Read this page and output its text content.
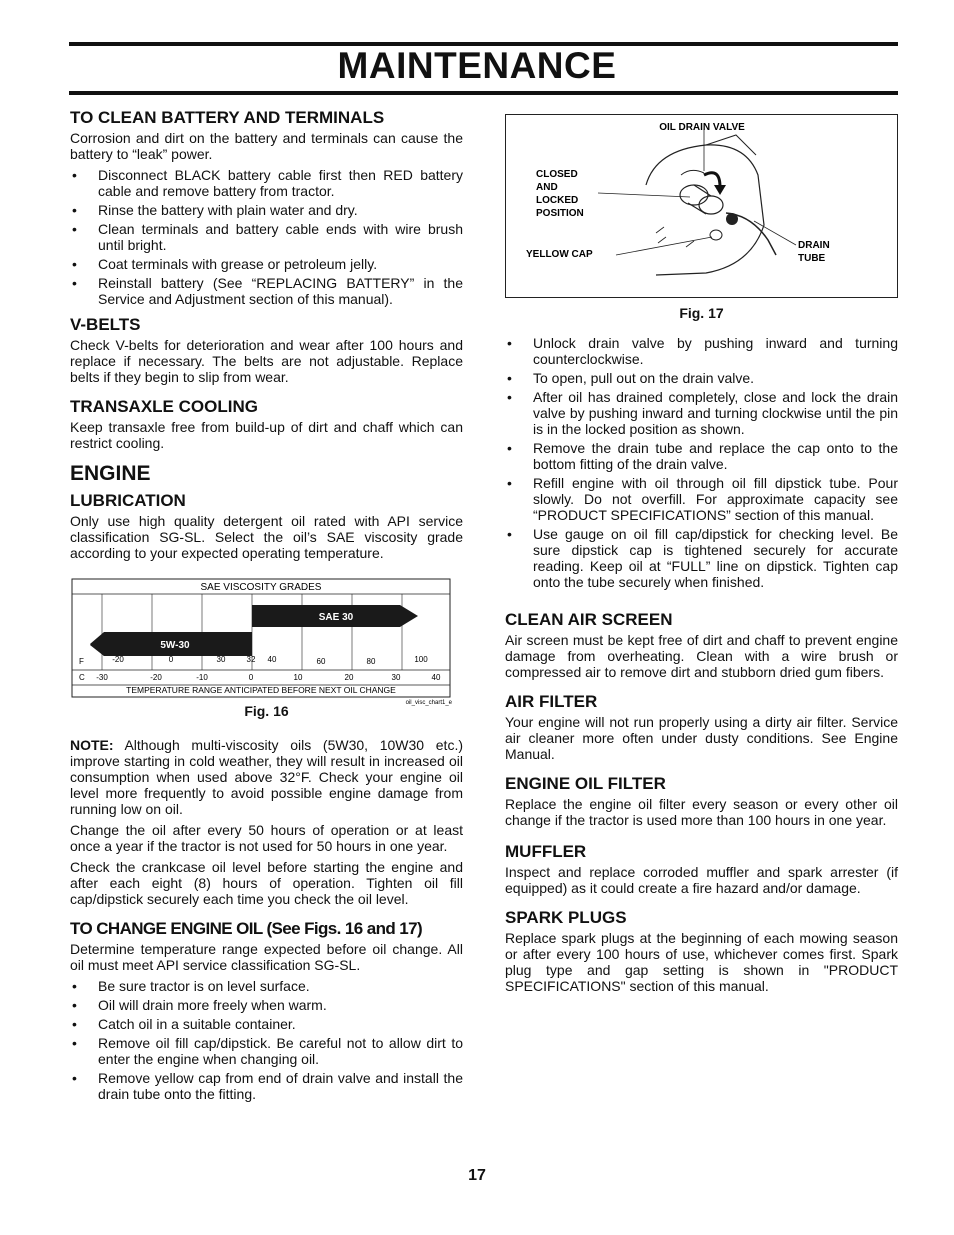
MAINTENANCE
TO CLEAN BATTERY AND TERMINALS

Corrosion and dirt on the battery and terminals can cause the battery to “leak” power.

• Disconnect BLACK battery cable first then RED battery cable and remove battery from tractor.
• Rinse the battery with plain water and dry.
• Clean terminals and battery cable ends with wire brush until bright.
• Coat terminals with grease or petroleum jelly.
• Reinstall battery (See “REPLACING BATTERY” in the Service and Adjustment section of this manual).
V-BELTS

Check V-belts for deterioration and wear after 100 hours and replace if necessary. The belts are not adjustable. Replace belts if they begin to slip from wear.

TRANSAXLE COOLING

Keep transaxle free from build-up of dirt and chaff which can restrict cooling.

ENGINE
LUBRICATION

Only use high quality detergent oil rated with API service classification SG-SL. Select the oil’s SAE viscosity grade according to your expected operating temperature.

SAE 30
5W-30
SAE VISCOSITY GRADES
F
C
-20	0	30	32 40	60	80	100
-30	-20	-10	0	10	20	30	40
TEMPERATURE RANGE ANTICIPATED BEFORE NEXT OIL CHANGE
oil_visc_chart1_e
Fig. 16

NOTE: Although multi-viscosity oils (5W30, 10W30 etc.) improve starting in cold weather, they will result in increased oil consumption when used above 32°F. Check your engine oil level more frequently to avoid possible engine damage from running low on oil.

Change the oil after every 50 hours of operation or at least once a year if the tractor is not used for 50 hours in one year.

Check the crankcase oil level before starting the engine and after each eight (8) hours of operation. Tighten oil fill cap/dipstick securely each time you check the oil level.

TO CHANGE ENGINE OIL (See Figs. 16 and 17)

Determine temperature range expected before oil change. All oil must meet API service classification SG-SL.

• Be sure tractor is on level surface.
• Oil will drain more freely when warm.
• Catch oil in a suitable container.
• Remove oil fill cap/dipstick. Be careful not to allow dirt to enter the engine when changing oil.
• Remove yellow cap from end of drain valve and install the drain tube onto the fitting.
OIL DRAIN VALVE
CLOSED
AND
LOCKED
POSITION
YELLOW CAP
DRAIN
TUBE
Fig. 17
• Unlock drain valve by pushing inward and turning counterclockwise.
• To open, pull out on the drain valve.
• After oil has drained completely, close and lock the drain valve by pushing inward and turning clockwise until the pin is in the locked position as shown.
• Remove the drain tube and replace the cap onto to the bottom fitting of the drain valve.
• Refill engine with oil through oil fill dipstick tube. Pour slowly. Do not overfill. For approximate capacity see “PRODUCT SPECIFICATIONS” section of this manual.
• Use gauge on oil fill cap/dipstick for checking level. Be sure dipstick cap is tightened securely for accurate reading. Keep oil at “FULL” line on dipstick. Tighten cap onto the tube securely when finished.
CLEAN AIR SCREEN

Air screen must be kept free of dirt and chaff to prevent engine damage from overheating. Clean with a wire brush or compressed air to remove dirt and stubborn dried gum fibers.

AIR FILTER

Your engine will not run properly using a dirty air filter. Service air cleaner more often under dusty conditions. See Engine Manual.

ENGINE OIL FILTER

Replace the engine oil filter every season or every other oil change if the tractor is used more than 100 hours in one year.

MUFFLER

Inspect and replace corroded muffler and spark arrester (if equipped) as it could create a fire hazard and/or damage.

SPARK PLUGS

Replace spark plugs at the beginning of each mowing season or after every 100 hours of use, whichever comes first. Spark plug type and gap setting is shown in "PRODUCT SPECIFICATIONS" section of this manual.

17
